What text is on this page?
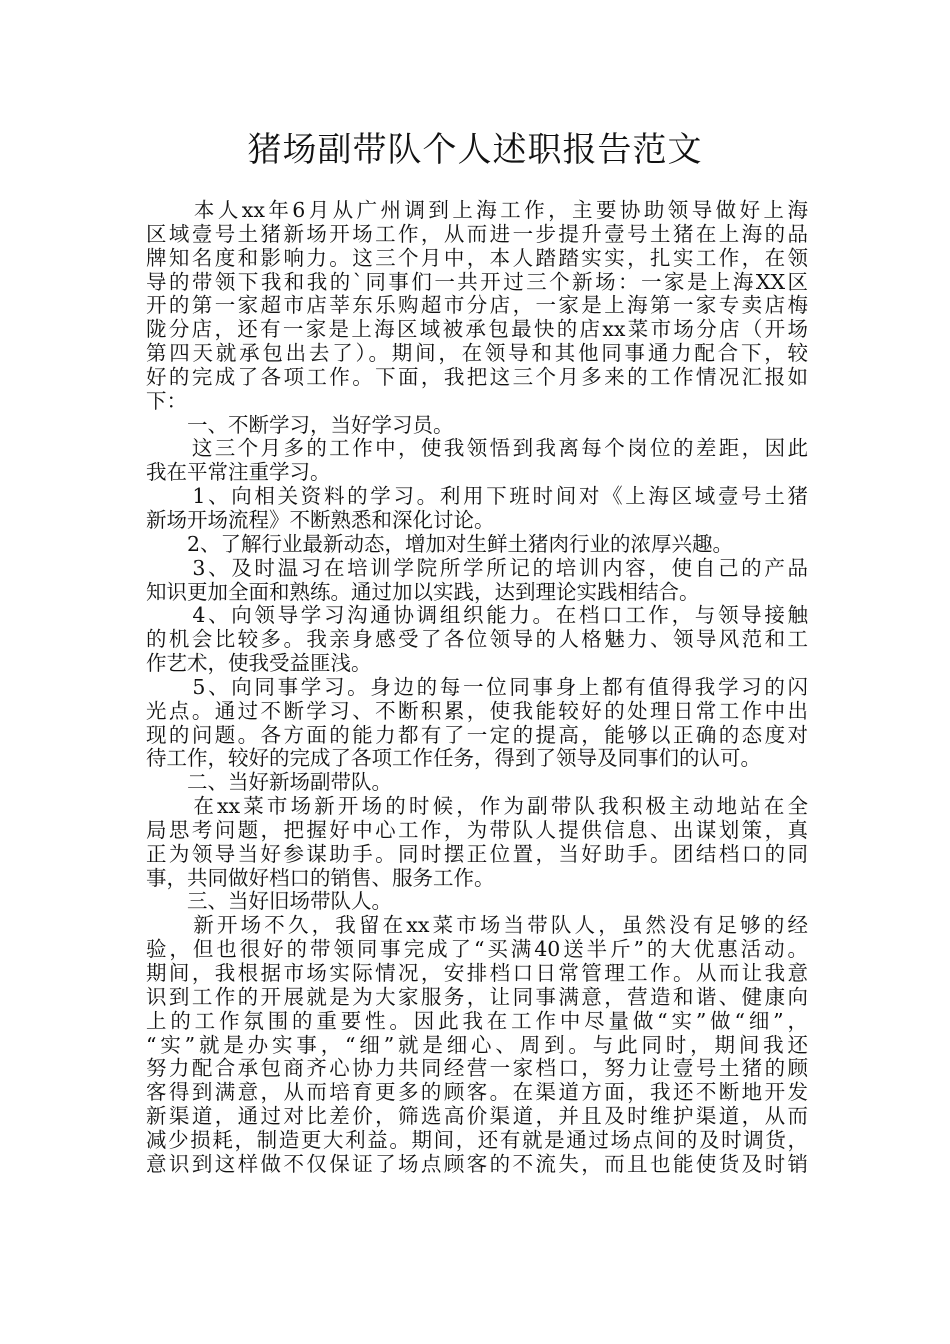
猪场副带队个人述职报告范文
　　本人xx年6月从广州调到上海工作，主要协助领导做好上海
区域壹号土猪新场开场工作，从而进一步提升壹号土猪在上海的品
牌知名度和影响力。这三个月中，本人踏踏实实，扎实工作，在领
导的带领下我和我的`同事们一共开过三个新场：一家是上海XX区
开的第一家超市店莘东乐购超市分店，一家是上海第一家专卖店梅
陇分店，还有一家是上海区域被承包最快的店xx菜市场分店（开场
第四天就承包出去了）。期间，在领导和其他同事通力配合下，较
好的完成了各项工作。下面，我把这三个月多来的工作情况汇报如
下：
　　一、不断学习，当好学习员。
　　这三个月多的工作中，使我领悟到我离每个岗位的差距，因此
我在平常注重学习。
　　1、向相关资料的学习。利用下班时间对《上海区域壹号土猪
新场开场流程》不断熟悉和深化讨论。
　　2、了解行业最新动态，增加对生鲜土猪肉行业的浓厚兴趣。
　　3、及时温习在培训学院所学所记的培训内容，使自己的产品
知识更加全面和熟练。通过加以实践，达到理论实践相结合。
　　4、向领导学习沟通协调组织能力。在档口工作，与领导接触
的机会比较多。我亲身感受了各位领导的人格魅力、领导风范和工
作艺术，使我受益匪浅。
　　5、向同事学习。身边的每一位同事身上都有值得我学习的闪
光点。通过不断学习、不断积累，使我能较好的处理日常工作中出
现的问题。各方面的能力都有了一定的提高，能够以正确的态度对
待工作，较好的完成了各项工作任务，得到了领导及同事们的认可。
　　二、当好新场副带队。
　　在xx菜市场新开场的时候，作为副带队我积极主动地站在全
局思考问题，把握好中心工作，为带队人提供信息、出谋划策，真
正为领导当好参谋助手。同时摆正位置，当好助手。团结档口的同
事，共同做好档口的销售、服务工作。
　　三、当好旧场带队人。
　　新开场不久，我留在xx菜市场当带队人，虽然没有足够的经
验，但也很好的带领同事完成了“买满40送半斤”的大优惠活动。
期间，我根据市场实际情况，安排档口日常管理工作。从而让我意
识到工作的开展就是为大家服务，让同事满意，营造和谐、健康向
上的工作氛围的重要性。因此我在工作中尽量做“实”做“细”，
“实”就是办实事，“细”就是细心、周到。与此同时，期间我还
努力配合承包商齐心协力共同经营一家档口，努力让壹号土猪的顾
客得到满意，从而培育更多的顾客。在渠道方面，我还不断地开发
新渠道，通过对比差价，筛选高价渠道，并且及时维护渠道，从而
减少损耗，制造更大利益。期间，还有就是通过场点间的及时调货，
意识到这样做不仅保证了场点顾客的不流失，而且也能使货及时销
